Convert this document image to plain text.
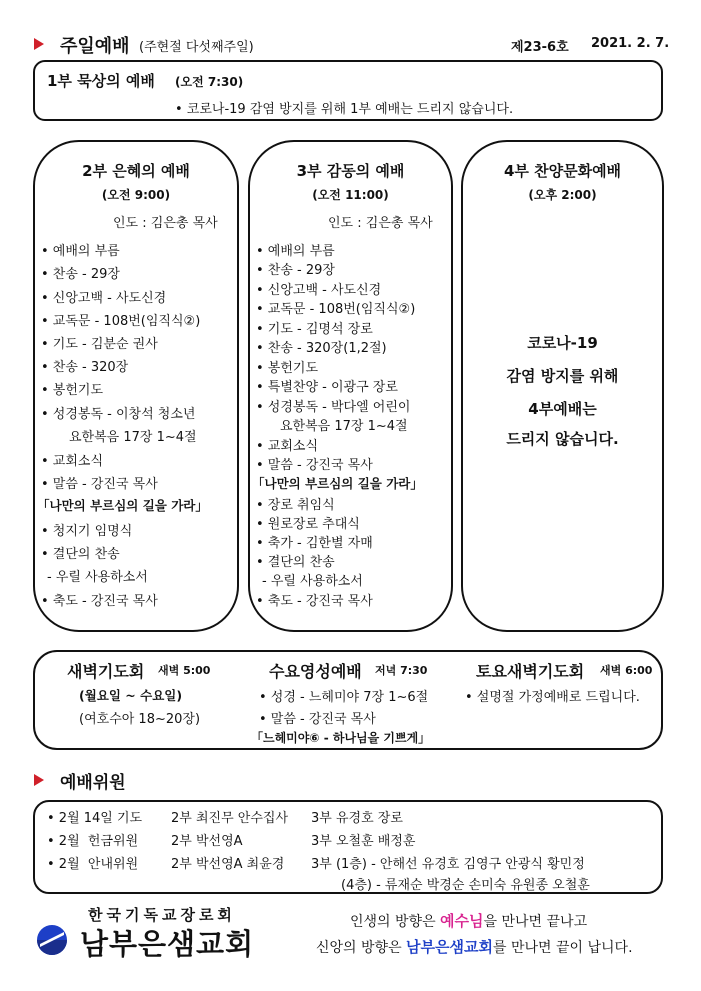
주일예배 (주현절 다섯째주일)	제23-6호 2021. 2. 7.
1부 묵상의 예배 (오전 7:30)
• 코로나-19 감염 방지를 위해 1부 예배는 드리지 않습니다.
2부 은혜의 예배
(오전 9:00)
인도 : 김은총 목사
• 예배의 부름
• 찬송 - 29장
• 신앙고백 - 사도신경
• 교독문 - 108번(임직식②)
• 기도 - 김분순 권사
• 찬송 - 320장
• 봉헌기도
• 성경봉독 - 이창석 청소년
요한복음 17장 1~4절
• 교회소식
• 말씀 - 강진국 목사
「나만의 부르심의 길을 가라」
• 청지기 임명식
• 결단의 찬송
- 우릴 사용하소서
• 축도 - 강진국 목사
3부 감동의 예배
(오전 11:00)
인도 : 김은총 목사
• 예배의 부름
• 찬송 - 29장
• 신앙고백 - 사도신경
• 교독문 - 108번(임직식②)
• 기도 - 김명석 장로
• 찬송 - 320장(1,2절)
• 봉헌기도
• 특별찬양 - 이광구 장로
• 성경봉독 - 박다엘 어린이
요한복음 17장 1~4절
• 교회소식
• 말씀 - 강진국 목사
「나만의 부르심의 길을 가라」
• 장로 취임식
• 원로장로 추대식
• 축가 - 김한별 자매
• 결단의 찬송
- 우릴 사용하소서
• 축도 - 강진국 목사
4부 찬양문화예배
(오후 2:00)
코로나-19
감염 방지를 위해
4부예배는
드리지 않습니다.
새벽기도회 새벽 5:00
(월요일 ~ 수요일)
(여호수아 18~20장)
수요영성예배 저녁 7:30
• 성경 - 느헤미야 7장 1~6절
• 말씀 - 강진국 목사
「느헤미야⑥ - 하나님을 기쁘게」
토요새벽기도회 새벽 6:00
• 설명절 가정예배로 드립니다.
예배위원
• 2월 14일 기도 2부 최진무 안수집사 3부 유경호 장로
• 2월  헌금위원	2부 박선영A	3부 오철훈 배정훈
• 2월  안내위원	2부 박선영A 최윤경 3부 (1층) - 안해선 유경호 김영구 안광식 황민정
(4층) - 류재순 박경순 손미숙 유원종 오철훈
한국기독교장로회
남부은샘교회
인생의 방향은 예수님을 만나면 끝나고
신앙의 방향은 남부은샘교회를 만나면 끝이 납니다.
